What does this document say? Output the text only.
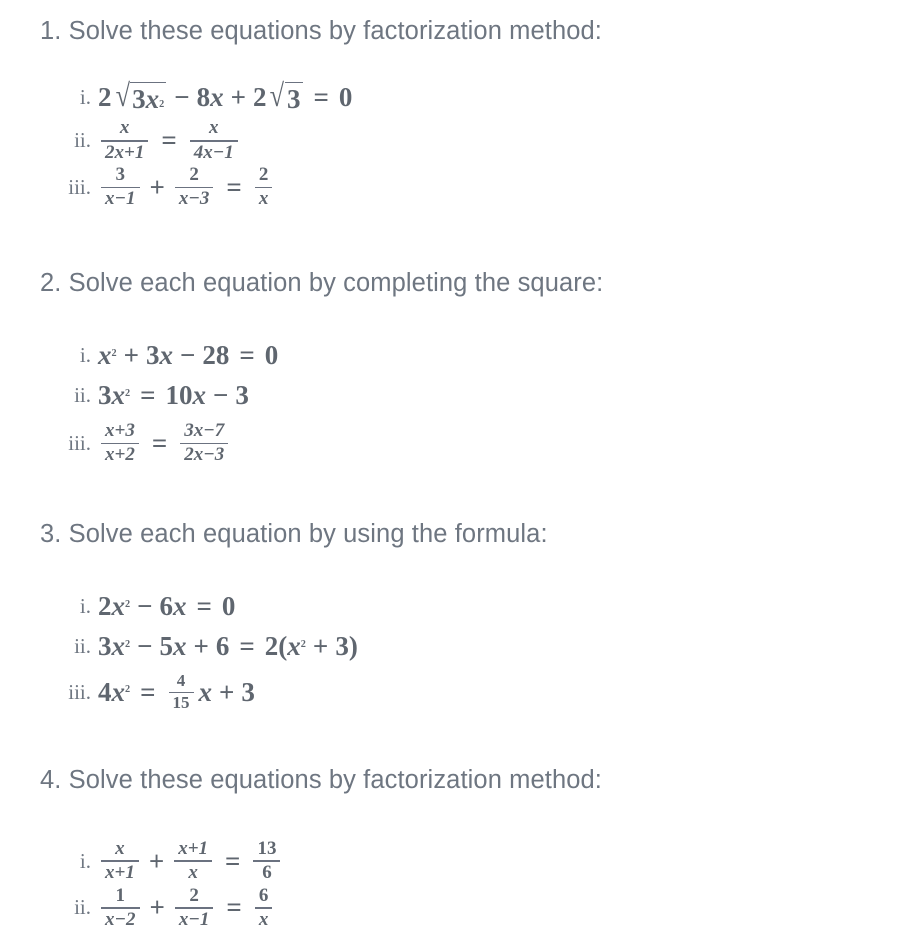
1. Solve these equations by factorization method:
i. 2 √ 3 x 2 − 8 x + 2 √ 3 = 0
ii. $\frac{x}{2x+1} = \frac{x}{4x-1}$
iii. $\frac{3}{x-1} + \frac{2}{x-3} = \frac{2}{x}$
2. Solve each equation by completing the square:
i. x 2 + 3 x − 28 = 0
ii. 3 x 2 = 10 x − 3
iii. $\frac{x+3}{x+2} = \frac{3x-7}{2x-3}$
3. Solve each equation by using the formula:
i. 2 x 2 − 6 x = 0
ii. 3 x 2 − 5 x + 6 = 2 ( x 2 + 3 )
iii. 4 x $2 = \frac{4}{15}$ x + 3
4. Solve these equations by factorization method:
i. $\frac{x}{x+1} + \frac{x+1}{x} = \frac{13}{6}$
ii. $\frac{1}{x-2} + \frac{2}{x-1} = \frac{6}{x}$
